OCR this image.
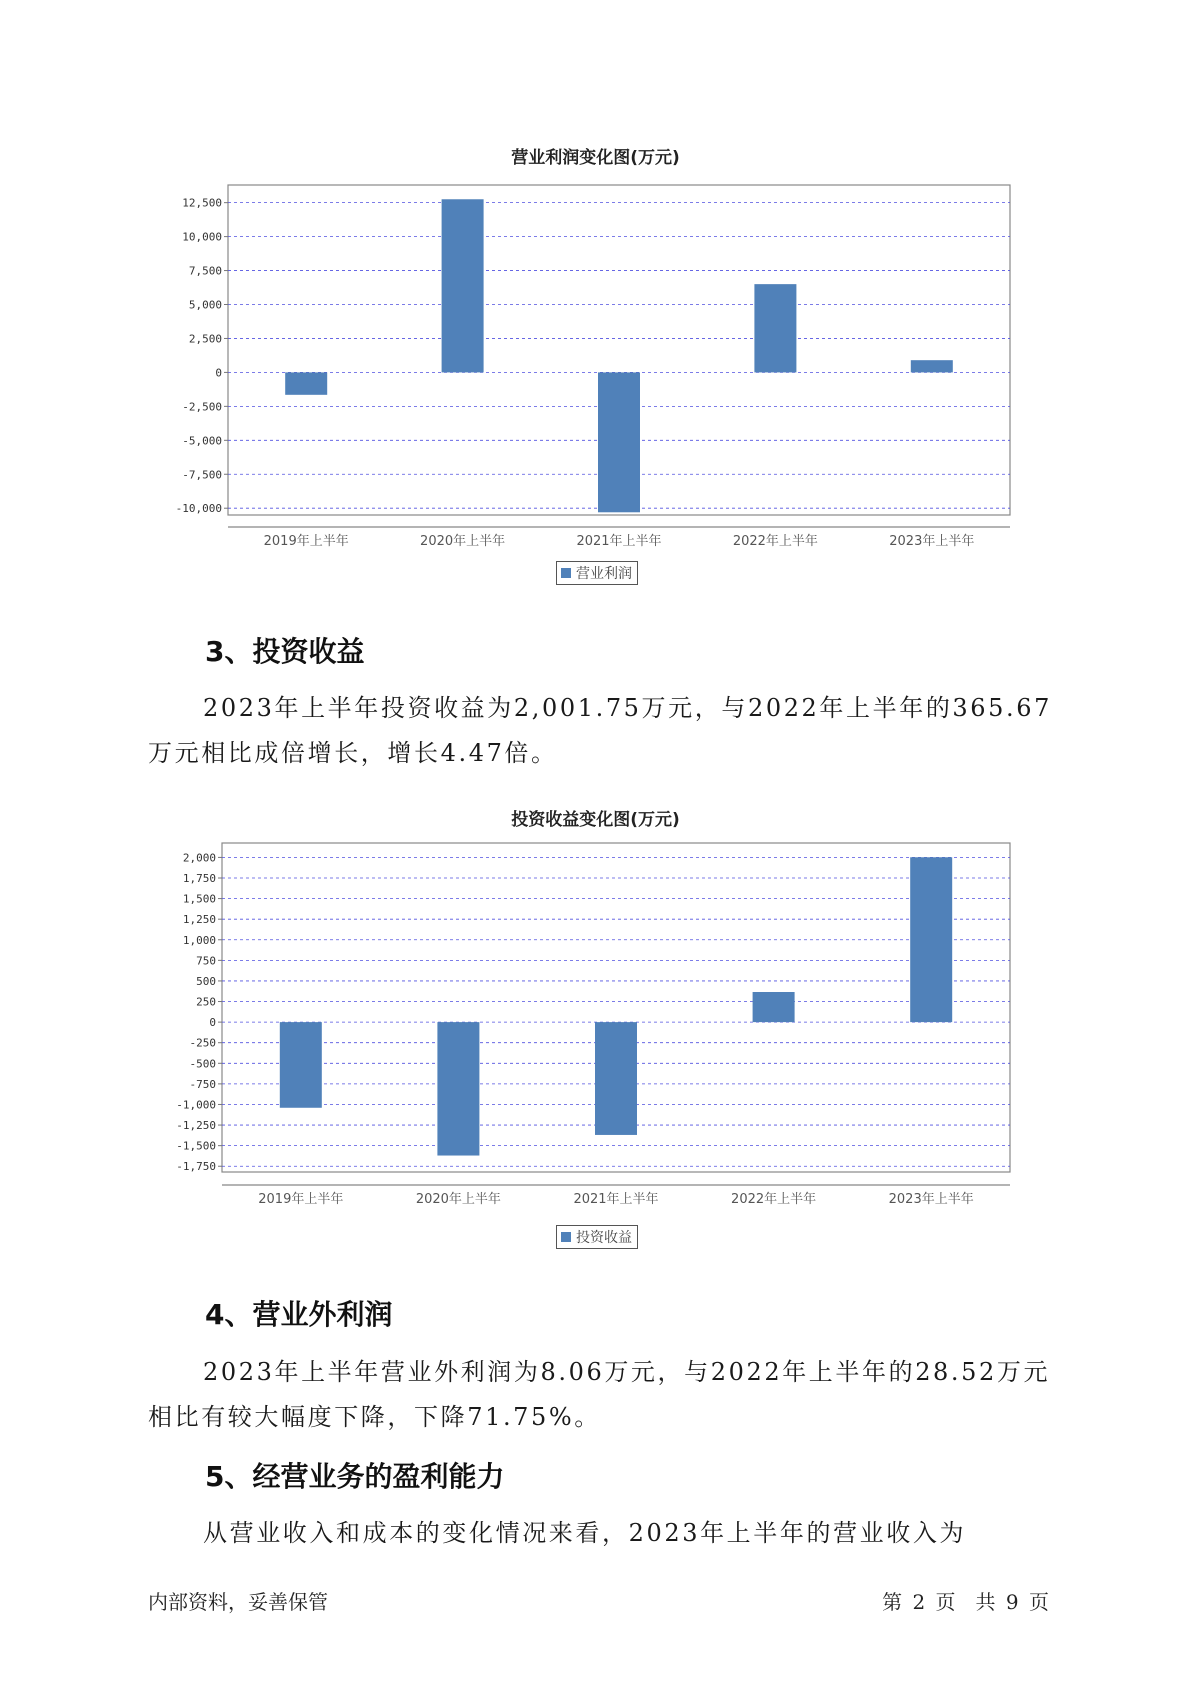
营业利润变化图(万元)
12,500
10,000
7,500
5,000
2,500
0
-2,500
-5,000
-7,500
-10,000
2019年上半年	2020年上半年	2021年上半年	2022年上半年	2023年上半年
营业利润
3、投资收益

2023年上半年投资收益为2,001.75万元，与2022年上半年的365.67万元相比成倍增长，增长4.47倍。

投资收益变化图(万元)
2,000
1,750
1,500
1,250
1,000
750
500
250
0
-250
-500
-750
-1,000
-1,250
-1,500
-1,750
2019年上半年	2020年上半年	2021年上半年	2022年上半年	2023年上半年
投资收益
4、营业外利润

2023年上半年营业外利润为8.06万元，与2022年上半年的28.52万元相比有较大幅度下降，下降71.75%。

5、经营业务的盈利能力

从营业收入和成本的变化情况来看，2023年上半年的营业收入为

内部资料，妥善保管	第 2 页　共 9 页
